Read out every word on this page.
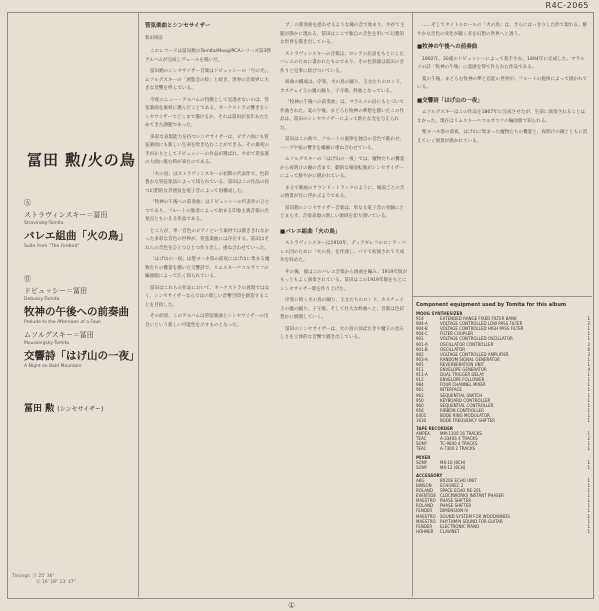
R4C-2065
冨田 勲/火の鳥
Ⓐ
ストラヴィンスキー＝冨田
Stravinsky-Tomita
バレエ組曲「火の鳥」
Suite from "The Firebird"
Ⓑ
ドビュッシー＝冨田
Debussy-Tomita
牧神の午後への前奏曲
Prelude to the Afternoon of a Faun
ムソルグスキー＝冨田
Moussorgsky-Tomita
交響詩「はげ山の一夜」
A Night on Bald Mountain
冨田 勲 (シンセサイザー)
Timings: Ⓐ 25' 36"
Ⓑ 16' 18" 13' 47"
管弦楽曲とシンセサイザー
和田則彦

このレコードは冨田勲のTomita/Moog/RCAシリーズ第3弾アルバムが完成しヴェールを脱いだ。

冨田勲のシンセサイザー音楽はドビュッシーの「月の光」、ムソルグスキーの「展覧会の絵」と続き、世界の音楽界に大きな反響を呼んでいる。

今度のニュー・アルバムの特徴として見逃せないのは、管弦楽曲を素材に選んだことである。オーケストラの響きをシンセサイザーでどこまで描けるか、それは冨田が長年あたためてきた課題であった。

多彩な表現能力を持つシンセサイザーは、ピアノ曲にも管弦楽曲にも新しい生命を吹き込むことができる。その最初の手がかりとしてドビュッシーの作品が選ばれ、やがて管弦楽の大曲に挑む時が来たのである。

「火の鳥」はストラヴィンスキーの初期の代表作で、色彩豊かな管弦楽法によって知られている。冨田はこの作品の持つ幻想的な雰囲気を電子音によって再構成した。

「牧神の午後への前奏曲」はドビュッシーの代表作のひとつであり、フルートの独奏によって始まる印象主義音楽の出発点ともいえる作品である。

ところが、単一音色のピアノという素材では描ききれなかった多彩な音色の世界が、管弦楽曲には存在する。冨田はそれらの音色をひとつひとつ作り出し、重ね合わせていった。

「はげ山の一夜」は聖ヨハネ祭の前夜にはげ山に集まる魔物たちの饗宴を描いた交響詩で、リムスキー＝コルサコフの編曲版によって広く知られている。

冨田はこれらの作品において、オーケストラの再現ではなく、シンセサイザーならではの新しい音響空間を創造することを目指した。

その結果、このアルバムは管弦楽曲とシンセサイザーの出会いという新しい可能性を示すものとなった。

プ」の間奏曲を思わせるような鐘の音で始まり、やがて主題が静かに現れる。冨田はここで独自の音色を用いて幻想的な世界を描き出している。

ストラヴィンスキーの音楽は、ロシアの民話をもとにしたバレエのために書かれたものであり、その色彩感は冨田の音作りと見事に結びついている。

組曲の構成は、序奏、火の鳥の踊り、王女たちのロンド、カスチェイ王の魔の踊り、子守歌、終曲となっている。

「牧神の午後への前奏曲」は、マラルメの詩にもとづいて作曲された。夏の午後、まどろむ牧神の夢想を描いたこの作品は、冨田のシンセサイザーによって新たな光を与えられた。

冨田はこの曲で、フルートの旋律を独自の音色で歌わせ、ハープや弦の響きを繊細に重ね合わせている。

ムソルグスキーの「はげ山の一夜」では、魔物たちの饗宴から夜明けの鐘の音まで、劇的な場面転換がシンセサイザーによって鮮やかに描かれている。

まるで映画のサウンド・トラックのように、場面ごとの音の情景が目に浮かぶようである。

冨田勲のシンセサイザー音楽は、単なる電子音の実験にとどまらず、音楽表現の新しい領域を切り開いている。

■バレエ組曲「火の鳥」

ストラヴィンスキーは1910年、ディアギレフのロシア・バレエ団のために「火の鳥」を作曲し、パリで初演されて大成功を収めた。

その後、彼はこのバレエ音楽から組曲を編み、1919年版がもっともよく演奏されている。冨田はこの1919年版をもとにシンセサイザー版を作り上げた。

序奏に続く火の鳥の踊り、王女たちのロンド、カスチェイ王の魔の踊り、子守歌、そして壮大な終曲へと、音楽は色彩豊かに展開していく。

冨田のシンセサイザーは、火の鳥の羽ばたきや魔王の恐ろしさを立体的な音響で描き出している。

……そしてタイトルロールの「火の鳥」は、さらにはっきりした形で現れる。鮮やかな音色の変化が聴く者を幻想の世界へと誘う。

■牧神の午後への前奏曲

1892年、30歳のドビュッシーによって着手され、1894年に完成した。マラルメの詩「牧神の午後」に霊感を得て作られた作品である。

夏の午後、まどろむ牧神の夢と官能の世界が、フルートの旋律によって描かれている。

■交響詩「はげ山の一夜」

ムソルグスキーはこの作品を1867年に完成させたが、生前に演奏されることはなかった。現在はリムスキー＝コルサコフの編曲版で知られる。

聖ヨハネ祭の前夜、はげ山に集まった魔物たちの饗宴と、夜明けの鐘とともに消えていく情景が描かれている。

Component equipment used by Tomita for this album
MOOG SYNTHESIZER
914	EXTENDED RANGE FIXED FILTER BANK	1
904-A	VOLTAGE CONTROLLED LOW PASS FILTER	2
904-B	VOLTAGE CONTROLLED HIGH PASS FILTER	1
904-C	FILTER COUPLER	1
901	VOLTAGE CONTROLLED OSCILLATOR	1
901-A	OSCILLATOR CONTROLLER	2
901-B	OSCILLATOR	6
902	VOLTAGE CONTROLLED AMPLIFIER	3
903-A	RANDOM SIGNAL GENERATOR	1
905	REVERBERATION UNIT	1
911	ENVELOPE GENERATOR	4
911-A	DUAL TRIGGER DELAY	1
912	ENVELOPE FOLLOWER	1
984	FOUR CHANNEL MIXER	1
961	INTERFACE	1
962	SEQUENTIAL SWITCH	1
950	KEYBOARD CONTROLLER	1
960	SEQUENTIAL CONTROLLER	1
956	RIBBON CONTROLLER	1
6401	BODE RING MODULATOR	1
1630	BODE FREQUENCY SHIFTER	1
TAPE RECORDER
AMPEX	MM-1100 16 TRACKS	1
TEAC	A-3340S 4 TRACKS	2
SONY	TC-9040 4 TRACKS	1
TEAC	A-7300 2 TRACKS	1
MIXER
SONY	MX-16 (8CH)	1
SONY	MX-12 (6CH)	1
ACCESSORY
AKG	BX20E ECHO UNIT	1
BINSON ECHOREC 2	1
ROLAND SPACE ECHO RE-201	1
EVENTIDE CLOCKWORKS INSTANT PHASER	1
MAESTRO PHASE SHIFTER	1
ROLAND PHASE SHIFTER	1
FENDER DIMENSION IV	1
MAESTRO SOUND SYSTEM FOR WOODWINDS	1
MAESTRO RHYTHM'N SOUND FOR GUITAR	1
FENDER ELECTRONIC PIANO	1
HOHNER CLAVINET	1
①
